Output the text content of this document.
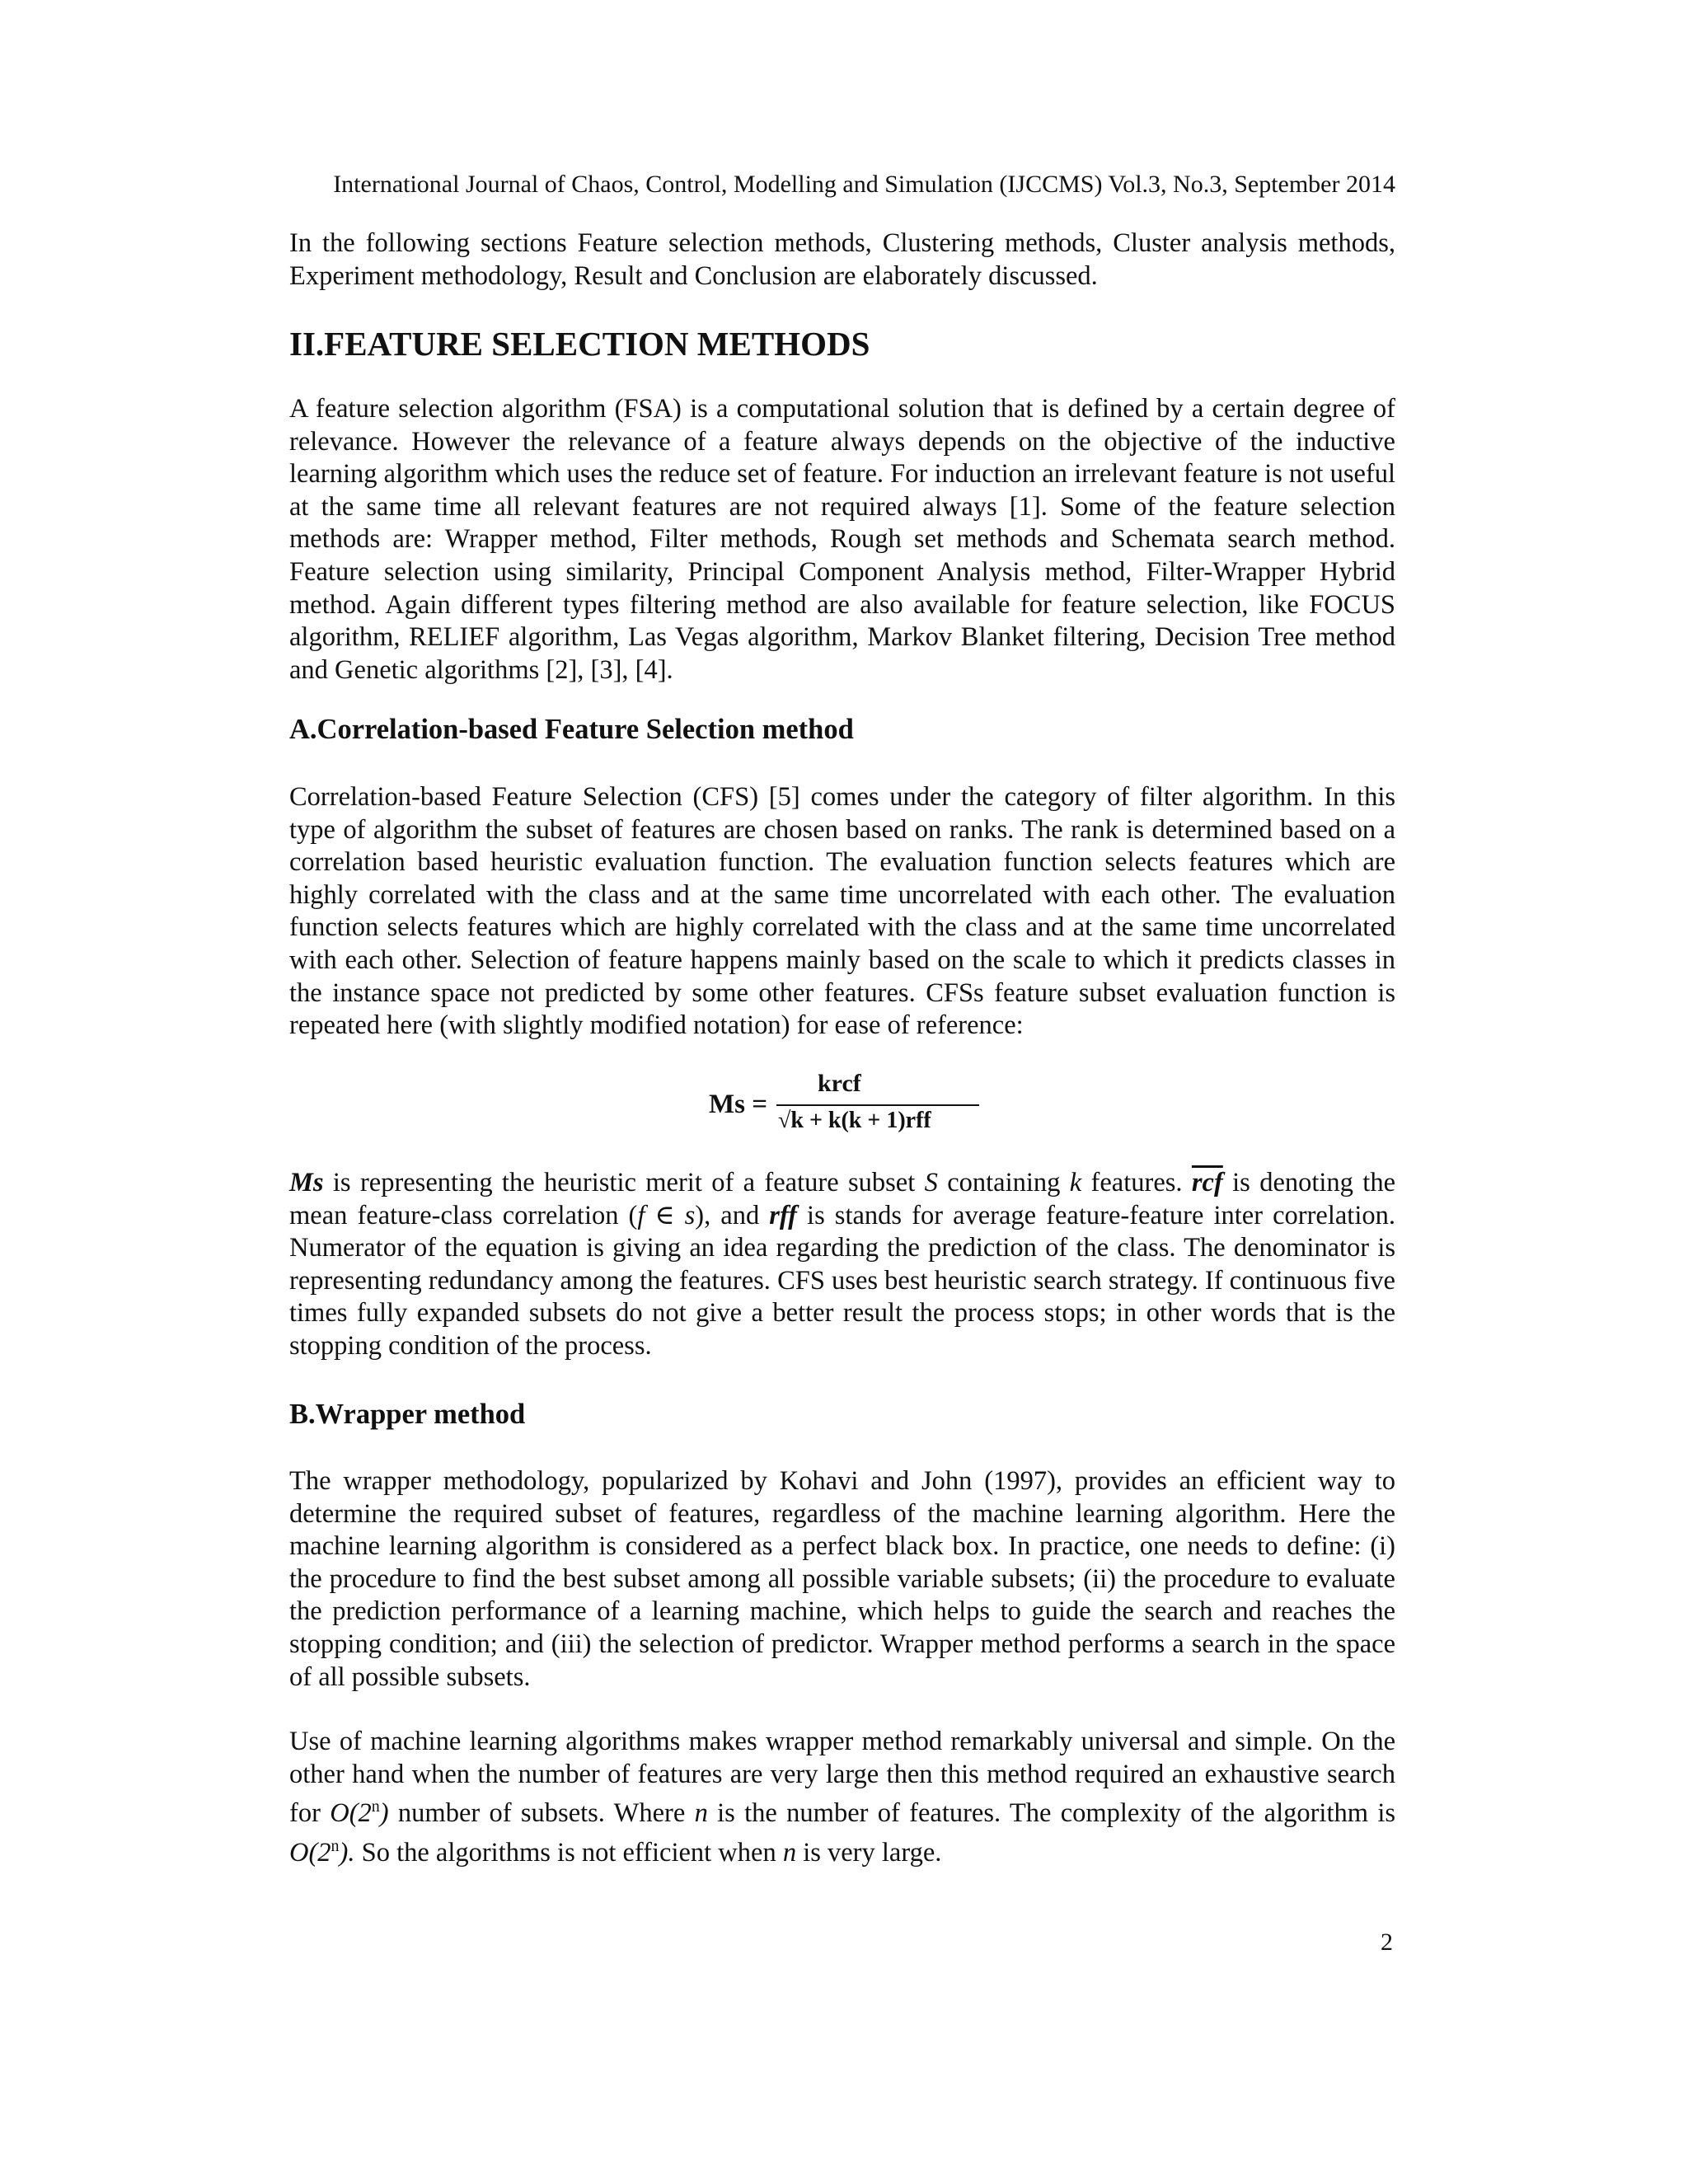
International Journal of Chaos, Control, Modelling and Simulation (IJCCMS) Vol.3, No.3, September 2014

In the following sections Feature selection methods, Clustering methods, Cluster analysis methods, Experiment methodology, Result and Conclusion are elaborately discussed.

II.FEATURE SELECTION METHODS

A feature selection algorithm (FSA) is a computational solution that is defined by a certain degree of relevance. However the relevance of a feature always depends on the objective of the inductive learning algorithm which uses the reduce set of feature. For induction an irrelevant feature is not useful at the same time all relevant features are not required always [1]. Some of the feature selection methods are: Wrapper method, Filter methods, Rough set methods and Schemata search method. Feature selection using similarity, Principal Component Analysis method, Filter-Wrapper Hybrid method. Again different types filtering method are also available for feature selection, like FOCUS algorithm, RELIEF algorithm, Las Vegas algorithm, Markov Blanket filtering, Decision Tree method and Genetic algorithms [2], [3], [4].

A.Correlation-based Feature Selection method

Correlation-based Feature Selection (CFS) [5] comes under the category of filter algorithm. In this type of algorithm the subset of features are chosen based on ranks. The rank is determined based on a correlation based heuristic evaluation function. The evaluation function selects features which are highly correlated with the class and at the same time uncorrelated with each other. The evaluation function selects features which are highly correlated with the class and at the same time uncorrelated with each other. Selection of feature happens mainly based on the scale to which it predicts classes in the instance space not predicted by some other features. CFSs feature subset evaluation function is repeated here (with slightly modified notation) for ease of reference:

Ms =
krcf
√k + k(k + 1)rff

Ms is representing the heuristic merit of a feature subset S containing k features. $\overline{rcf}$ is denoting the mean feature-class correlation (f ∈ s), and rff is stands for average feature-feature inter correlation. Numerator of the equation is giving an idea regarding the prediction of the class. The denominator is representing redundancy among the features. CFS uses best heuristic search strategy. If continuous five times fully expanded subsets do not give a better result the process stops; in other words that is the stopping condition of the process.

B.Wrapper method

The wrapper methodology, popularized by Kohavi and John (1997), provides an efficient way to determine the required subset of features, regardless of the machine learning algorithm. Here the machine learning algorithm is considered as a perfect black box. In practice, one needs to define: (i) the procedure to find the best subset among all possible variable subsets; (ii) the procedure to evaluate the prediction performance of a learning machine, which helps to guide the search and reaches the stopping condition; and (iii) the selection of predictor. Wrapper method performs a search in the space of all possible subsets.

Use of machine learning algorithms makes wrapper method remarkably universal and simple. On the other hand when the number of features are very large then this method required an exhaustive search for O(2$^n$) number of subsets. Where n is the number of features. The complexity of the algorithm is O(2$^n$). So the algorithms is not efficient when n is very large.

2
